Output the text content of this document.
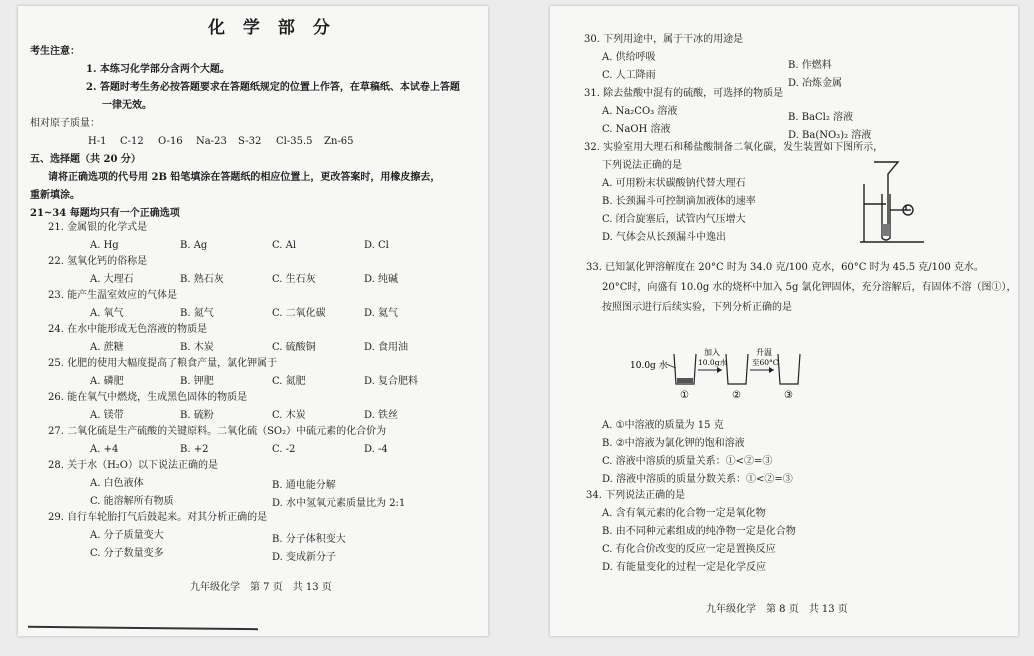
化 学 部 分
考生注意：
1. 本练习化学部分含两个大题。
2. 答题时考生务必按答题要求在答题纸规定的位置上作答，在草稿纸、本试卷上答题
一律无效。
相对原子质量：
H-1 C-12 O-16 Na-23 S-32 Cl-35.5 Zn-65
五、选择题（共 20 分）
请将正确选项的代号用 2B 铅笔填涂在答题纸的相应位置上，更改答案时，用橡皮擦去，
重新填涂。
21~34 每题均只有一个正确选项
21. 金属银的化学式是
A. Hg	B. Ag	C. Al	D. Cl
22. 氢氧化钙的俗称是
A. 大理石	B. 熟石灰	C. 生石灰	D. 纯碱
23. 能产生温室效应的气体是
A. 氧气	B. 氮气	C. 二氧化碳	D. 氦气
24. 在水中能形成无色溶液的物质是
A. 蔗糖	B. 木炭	C. 硫酸铜	D. 食用油
25. 化肥的使用大幅度提高了粮食产量，氯化钾属于
A. 磷肥	B. 钾肥	C. 氮肥	D. 复合肥料
26. 能在氧气中燃烧，生成黑色固体的物质是
A. 镁带	B. 硫粉	C. 木炭	D. 铁丝
27. 二氧化硫是生产硫酸的关键原料。二氧化硫（SO₂）中硫元素的化合价为
A. +4	B. +2	C. -2	D. -4
28. 关于水（H₂O）以下说法正确的是
A. 白色液体	B. 通电能分解
C. 能溶解所有物质	D. 水中氢氧元素质量比为 2:1
29. 自行车轮胎打气后鼓起来。对其分析正确的是
A. 分子质量变大	B. 分子体积变大
C. 分子数量变多	D. 变成新分子
九年级化学　第 7 页　共 13 页
30. 下列用途中，属于干冰的用途是
A. 供给呼吸
B. 作燃料
C. 人工降雨
D. 冶炼金属
31. 除去盐酸中混有的硫酸，可选择的物质是
A. Na₂CO₃ 溶液
B. BaCl₂ 溶液
C. NaOH 溶液
D. Ba(NO₃)₂ 溶液
32. 实验室用大理石和稀盐酸制备二氧化碳，发生装置如下图所示，
下列说法正确的是
A. 可用粉末状碳酸钠代替大理石
B. 长颈漏斗可控制滴加液体的速率
C. 闭合旋塞后，试管内气压增大
D. 气体会从长颈漏斗中逸出
33. 已知氯化钾溶解度在 20°C 时为 34.0 克/100 克水，60°C 时为 45.5 克/100 克水。
20°C时，向盛有 10.0g 水的烧杯中加入 5g 氯化钾固体，充分溶解后，有固体不溶（图①），
按照图示进行后续实验，下列分析正确的是
10.0g 水
加入
10.0g水
升温
至60°C
①	②	③
A. ①中溶液的质量为 15 克
B. ②中溶液为氯化钾的饱和溶液
C. 溶液中溶质的质量关系：①<②=③
D. 溶液中溶质的质量分数关系：①<②=③
34. 下列说法正确的是
A. 含有氧元素的化合物一定是氧化物
B. 由不同种元素组成的纯净物一定是化合物
C. 有化合价改变的反应一定是置换反应
D. 有能量变化的过程一定是化学反应
九年级化学　第 8 页　共 13 页
